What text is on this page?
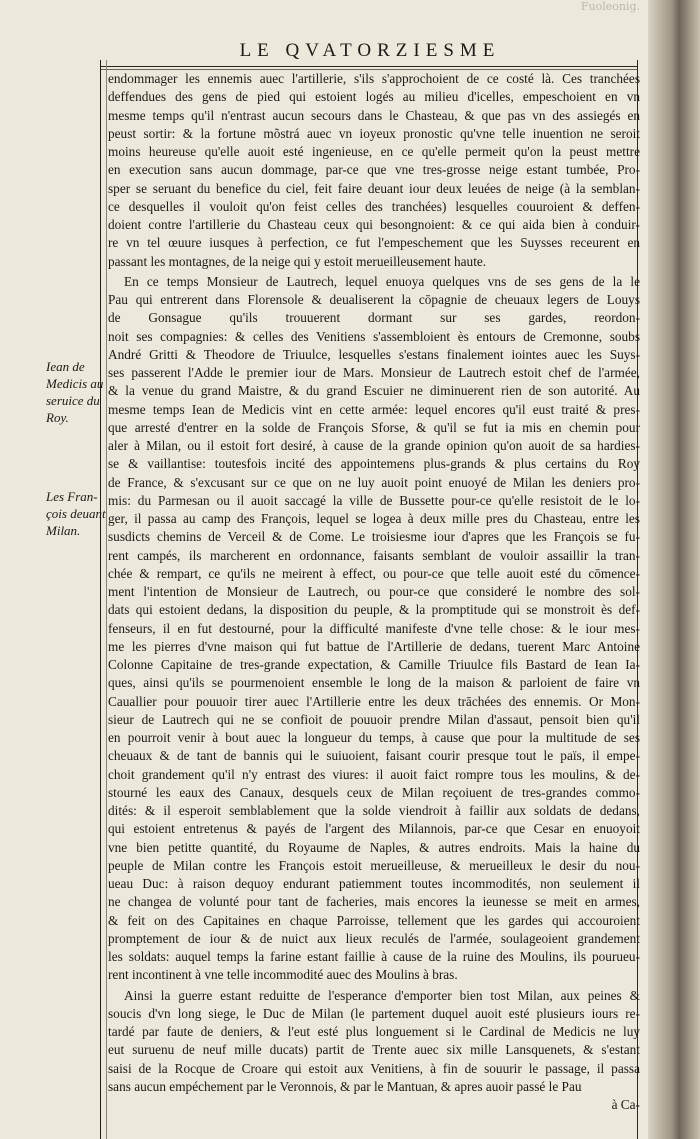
Fuoleonig.
LE QVATORZIESME
Iean de
Medicis au
seruice du
Roy.
Les Fran-
çois deuant
Milan.
endommager les ennemis auec l'artillerie, s'ils s'approchoient de ce costé là. Ces tranchées
deffendues des gens de pied qui estoient logés au milieu d'icelles, empeschoient en vn
mesme temps qu'il n'entrast aucun secours dans le Chasteau, & que pas vn des assiegés en
peust sortir: & la fortune mõstrá auec vn ioyeux pronostic qu'vne telle inuention ne seroit
moins heureuse qu'elle auoit esté ingenieuse, en ce qu'elle permeit qu'on la peust mettre
en execution sans aucun dommage, par-ce que vne tres-grosse neige estant tumbée, Pro-
sper se seruant du benefice du ciel, feit faire deuant iour deux leuées de neige (à la semblan-
ce desquelles il vouloit qu'on feist celles des tranchées) lesquelles couuroient & deffen-
doient contre l'artillerie du Chasteau ceux qui besongnoient: & ce qui aida bien à conduir-
re vn tel œuure iusques à perfection, ce fut l'empeschement que les Suysses receurent en
passant les montagnes, de la neige qui y estoit merueilleusement haute.
En ce temps Monsieur de Lautrech, lequel enuoya quelques vns de ses gens de la le
Pau qui entrerent dans Florensole & deualiserent la cōpagnie de cheuaux legers de Louys
de Gonsague qu'ils trouuerent dormant sur ses gardes, reordon-
noit ses compagnies: & celles des Venitiens s'assembloient ès entours de Cremonne, soubs
André Gritti & Theodore de Triuulce, lesquelles s'estans finalement iointes auec les Suys-
ses passerent l'Adde le premier iour de Mars. Monsieur de Lautrech estoit chef de l'armée,
& la venue du grand Maistre, & du grand Escuier ne diminuerent rien de son autorité. Au
mesme temps Iean de Medicis vint en cette armée: lequel encores qu'il eust traité & pres-
que arresté d'entrer en la solde de François Sforse, & qu'il se fut ia mis en chemin pour
aler à Milan, ou il estoit fort desiré, à cause de la grande opinion qu'on auoit de sa hardies-
se & vaillantise: toutesfois incité des appointemens plus-grands & plus certains du Roy
de France, & s'excusant sur ce que on ne luy auoit point enuoyé de Milan les deniers pro-
mis: du Parmesan ou il auoit saccagé la ville de Bussette pour-ce qu'elle resistoit de le lo-
ger, il passa au camp des François, lequel se logea à deux mille pres du Chasteau, entre les
susdicts chemins de Verceil & de Come. Le troisiesme iour d'apres que les François se fu-
rent campés, ils marcherent en ordonnance, faisants semblant de vouloir assaillir la tran-
chée & rempart, ce qu'ils ne meirent à effect, ou pour-ce que telle auoit esté du cōmence-
ment l'intention de Monsieur de Lautrech, ou pour-ce que consideré le nombre des sol-
dats qui estoient dedans, la disposition du peuple, & la promptitude qui se monstroit ès def-
fenseurs, il en fut destourné, pour la difficulté manifeste d'vne telle chose: & le iour mes-
me les pierres d'vne maison qui fut battue de l'Artillerie de dedans, tuerent Marc Antoine
Colonne Capitaine de tres-grande expectation, & Camille Triuulce fils Bastard de Iean Ia-
ques, ainsi qu'ils se pourmenoient ensemble le long de la maison & parloient de faire vn
Cauallier pour pouuoir tirer auec l'Artillerie entre les deux trāchées des ennemis. Or Mon-
sieur de Lautrech qui ne se confioit de pouuoir prendre Milan d'assaut, pensoit bien qu'il
en pourroit venir à bout auec la longueur du temps, à cause que pour la multitude de ses
cheuaux & de tant de bannis qui le suiuoient, faisant courir presque tout le païs, il empe-
choit grandement qu'il n'y entrast des viures: il auoit faict rompre tous les moulins, & de-
stourné les eaux des Canaux, desquels ceux de Milan reçoiuent de tres-grandes commo-
dités: & il esperoit semblablement que la solde viendroit à faillir aux soldats de dedans,
qui estoient entretenus & payés de l'argent des Milannois, par-ce que Cesar en enuoyoit
vne bien petitte quantité, du Royaume de Naples, & autres endroits. Mais la haine du
peuple de Milan contre les François estoit merueilleuse, & merueilleux le desir du nou-
ueau Duc: à raison dequoy endurant patiemment toutes incommodités, non seulement il
ne changea de volunté pour tant de facheries, mais encores la ieunesse se meit en armes,
& feit on des Capitaines en chaque Parroisse, tellement que les gardes qui accouroient
promptement de iour & de nuict aux lieux reculés de l'armée, soulageoient grandement
les soldats: auquel temps la farine estant faillie à cause de la ruine des Moulins, ils pourueu-
rent incontinent à vne telle incommodité auec des Moulins à bras.
Ainsi la guerre estant reduitte de l'esperance d'emporter bien tost Milan, aux peines &
soucis d'vn long siege, le Duc de Milan (le partement duquel auoit esté plusieurs iours re-
tardé par faute de deniers, & l'eut esté plus longuement si le Cardinal de Medicis ne luy
eut suruenu de neuf mille ducats) partit de Trente auec six mille Lansquenets, & s'estant
saisi de la Rocque de Croare qui estoit aux Venitiens, à fin de souurir le passage, il passa
sans aucun empéchement par le Veronnois, & par le Mantuan, & apres auoir passé le Pau
à Ca-
